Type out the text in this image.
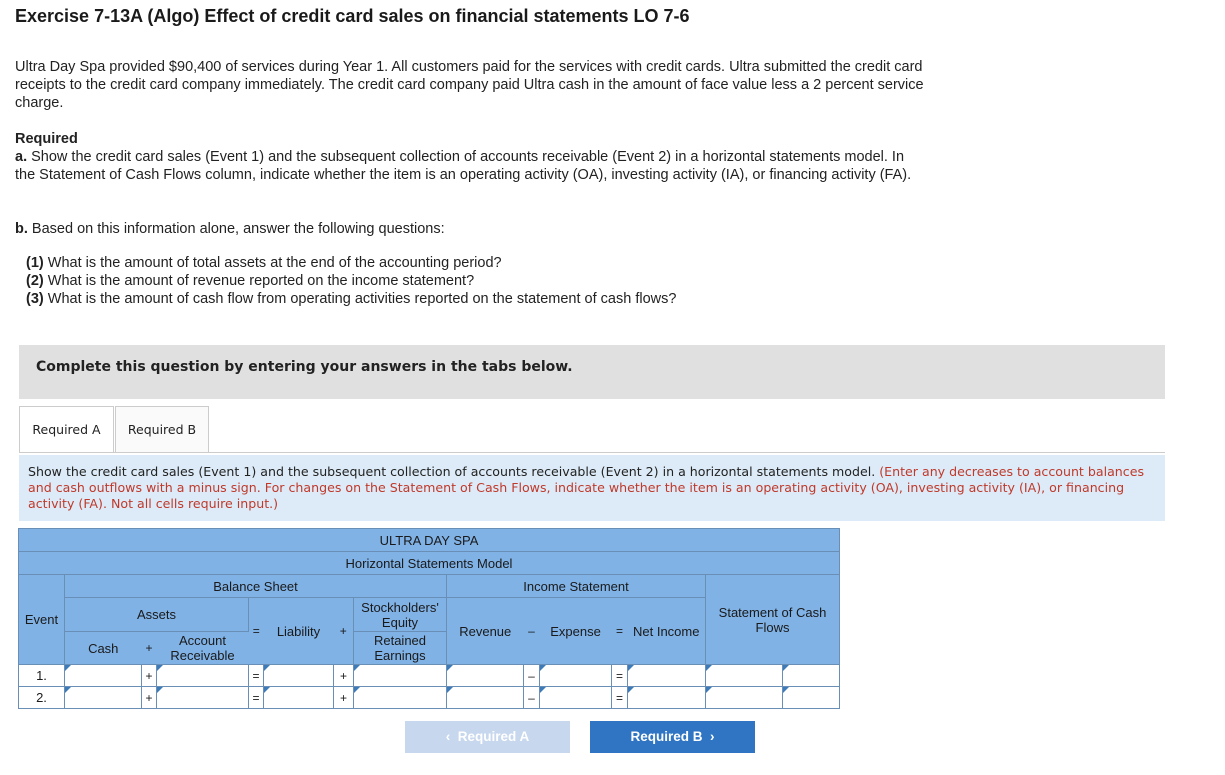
Exercise 7-13A (Algo) Effect of credit card sales on financial statements LO 7-6
Ultra Day Spa provided $90,400 of services during Year 1. All customers paid for the services with credit cards. Ultra submitted the credit card receipts to the credit card company immediately. The credit card company paid Ultra cash in the amount of face value less a 2 percent service charge.
Required
a. Show the credit card sales (Event 1) and the subsequent collection of accounts receivable (Event 2) in a horizontal statements model. In the Statement of Cash Flows column, indicate whether the item is an operating activity (OA), investing activity (IA), or financing activity (FA).
b. Based on this information alone, answer the following questions:
(1) What is the amount of total assets at the end of the accounting period?
(2) What is the amount of revenue reported on the income statement?
(3) What is the amount of cash flow from operating activities reported on the statement of cash flows?
Complete this question by entering your answers in the tabs below.
Required A	Required B
Show the credit card sales (Event 1) and the subsequent collection of accounts receivable (Event 2) in a horizontal statements model. (Enter any decreases to account balances and cash outflows with a minus sign. For changes on the Statement of Cash Flows, indicate whether the item is an operating activity (OA), investing activity (IA), or financing activity (FA). Not all cells require input.)
ULTRA DAY SPA														
Horizontal Statements Model														
Event	Balance Sheet							Income Statement					Statement of Cash Flows	
	Assets			=	Liability	+	Stockholders' Equity	Revenue	–	Expense	=	Net Income		
	Cash	+	Account Receivable				Retained Earnings							
1.		+		=		+			–		=			
2.		+		=		+			–		=			
‹ Required A	Required B ›
